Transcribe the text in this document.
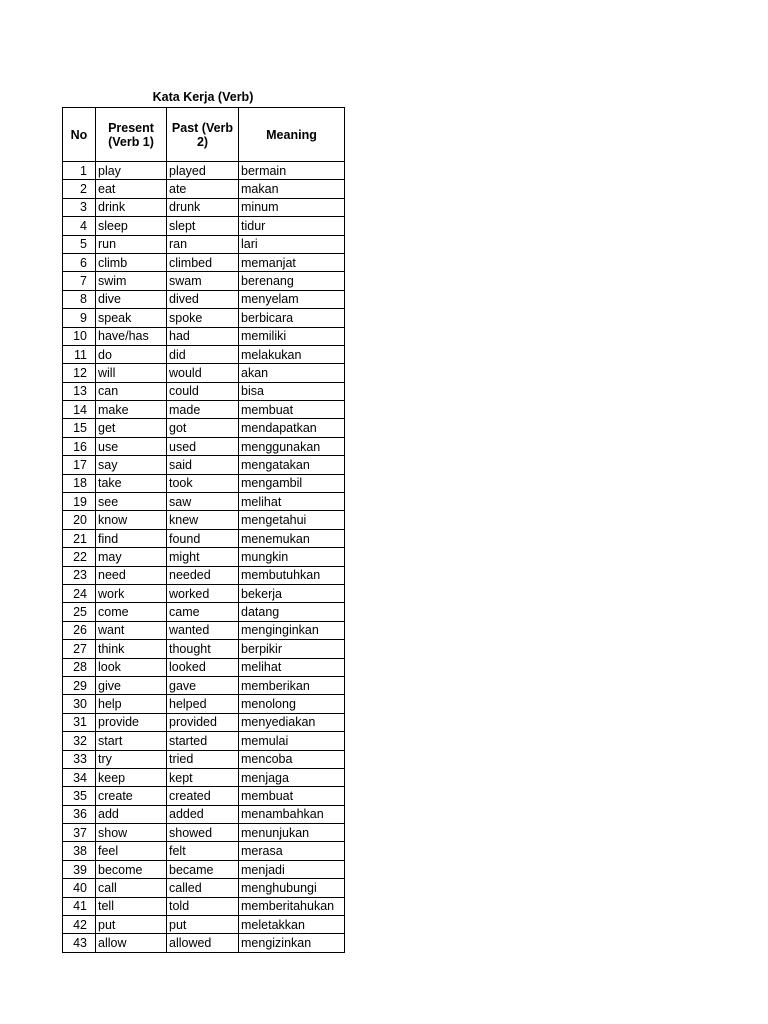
Kata Kerja (Verb)
No	Present (Verb 1)	Past (Verb 2)	Meaning
1	play	played	bermain
2	eat	ate	makan
3	drink	drunk	minum
4	sleep	slept	tidur
5	run	ran	lari
6	climb	climbed	memanjat
7	swim	swam	berenang
8	dive	dived	menyelam
9	speak	spoke	berbicara
10	have/has	had	memiliki
11	do	did	melakukan
12	will	would	akan
13	can	could	bisa
14	make	made	membuat
15	get	got	mendapatkan
16	use	used	menggunakan
17	say	said	mengatakan
18	take	took	mengambil
19	see	saw	melihat
20	know	knew	mengetahui
21	find	found	menemukan
22	may	might	mungkin
23	need	needed	membutuhkan
24	work	worked	bekerja
25	come	came	datang
26	want	wanted	menginginkan
27	think	thought	berpikir
28	look	looked	melihat
29	give	gave	memberikan
30	help	helped	menolong
31	provide	provided	menyediakan
32	start	started	memulai
33	try	tried	mencoba
34	keep	kept	menjaga
35	create	created	membuat
36	add	added	menambahkan
37	show	showed	menunjukan
38	feel	felt	merasa
39	become	became	menjadi
40	call	called	menghubungi
41	tell	told	memberitahukan
42	put	put	meletakkan
43	allow	allowed	mengizinkan
